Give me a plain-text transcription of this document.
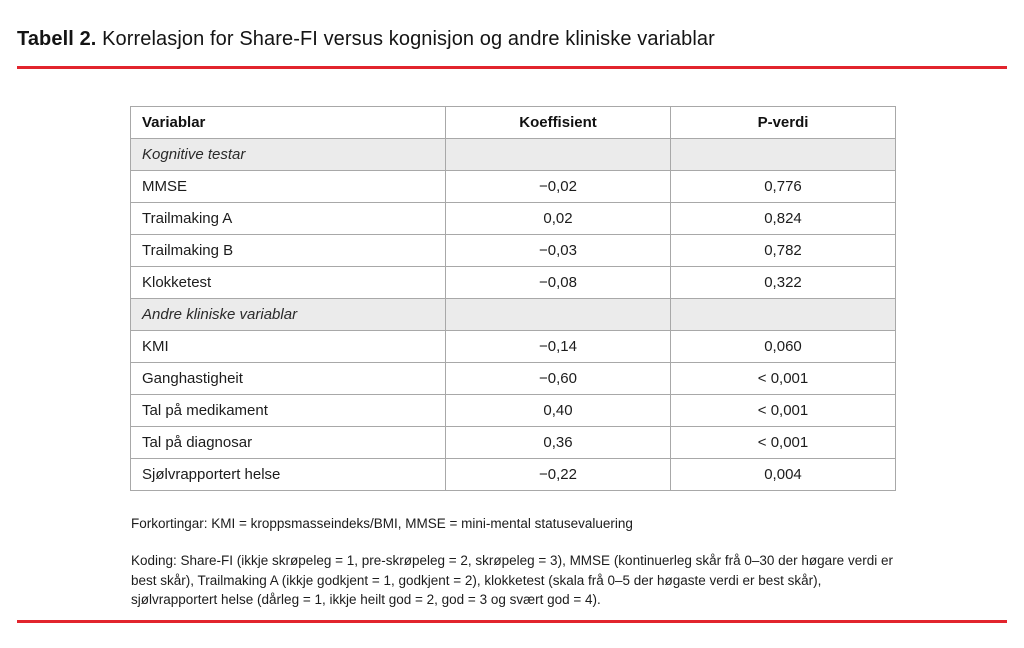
Tabell 2. Korrelasjon for Share-FI versus kognisjon og andre kliniske variablar
Variablar	Koeffisient	P-verdi
Kognitive testar		
MMSE	−0,02	0,776
Trailmaking A	0,02	0,824
Trailmaking B	−0,03	0,782
Klokketest	−0,08	0,322
Andre kliniske variablar		
KMI	−0,14	0,060
Ganghastigheit	−0,60	< 0,001
Tal på medikament	0,40	< 0,001
Tal på diagnosar	0,36	< 0,001
Sjølvrapportert helse	−0,22	0,004

Forkortingar: KMI = kroppsmasseindeks/BMI, MMSE = mini-mental statusevaluering

Koding: Share-FI (ikkje skrøpeleg = 1, pre-skrøpeleg = 2, skrøpeleg = 3), MMSE (kontinuerleg skår frå 0–30 der høgare verdi er best skår), Trailmaking A (ikkje godkjent = 1, godkjent = 2), klokketest (skala frå 0–5 der høgaste verdi er best skår), sjølvrapportert helse (dårleg = 1, ikkje heilt god = 2, god = 3 og svært god = 4).
